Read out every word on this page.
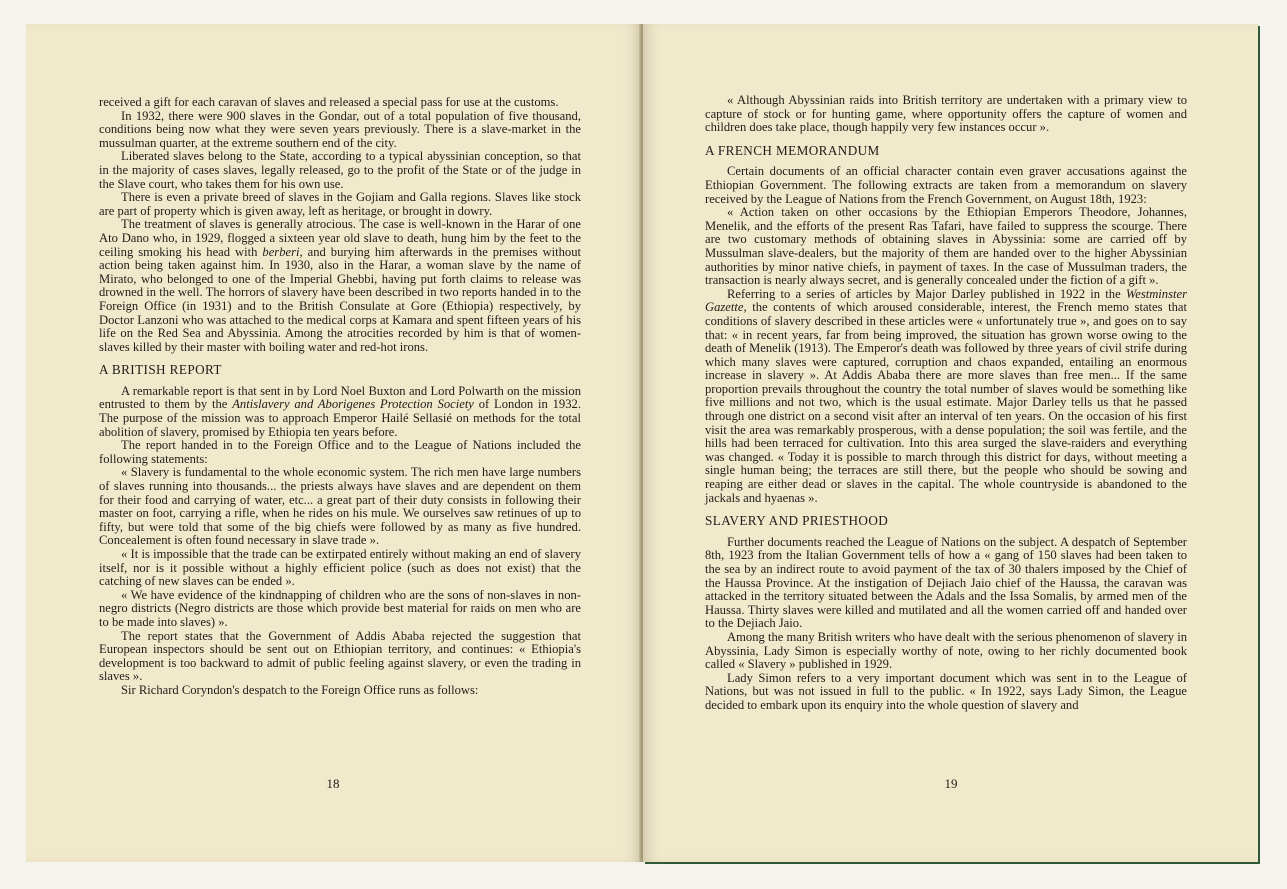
received a gift for each caravan of slaves and released a special pass for use at the customs.

In 1932, there were 900 slaves in the Gondar, out of a total population of five thousand, conditions being now what they were seven years previously. There is a slave-market in the mussulman quarter, at the extreme southern end of the city.

Liberated slaves belong to the State, according to a typical abyssinian conception, so that in the majority of cases slaves, legally released, go to the profit of the State or of the judge in the Slave court, who takes them for his own use.

There is even a private breed of slaves in the Gojiam and Galla regions. Slaves like stock are part of property which is given away, left as heritage, or brought in dowry.

The treatment of slaves is generally atrocious. The case is well-known in the Harar of one Ato Dano who, in 1929, flogged a sixteen year old slave to death, hung him by the feet to the ceiling smoking his head with berberi, and burying him afterwards in the premises without action being taken against him. In 1930, also in the Harar, a woman slave by the name of Mirato, who belonged to one of the Imperial Ghebbi, having put forth claims to release was drowned in the well. The horrors of slavery have been described in two reports handed in to the Foreign Office (in 1931) and to the British Consulate at Gore (Ethiopia) respectively, by Doctor Lanzoni who was attached to the medical corps at Kamara and spent fifteen years of his life on the Red Sea and Abyssinia. Among the atrocities recorded by him is that of women-slaves killed by their master with boiling water and red-hot irons.

A BRITISH REPORT

A remarkable report is that sent in by Lord Noel Buxton and Lord Polwarth on the mission entrusted to them by the Antislavery and Aborigenes Protection Society of London in 1932. The purpose of the mission was to approach Emperor Hailé Sellasié on methods for the total abolition of slavery, promised by Ethiopia ten years before.

The report handed in to the Foreign Office and to the League of Nations included the following statements:

« Slavery is fundamental to the whole economic system. The rich men have large numbers of slaves running into thousands... the priests always have slaves and are dependent on them for their food and carrying of water, etc... a great part of their duty consists in following their master on foot, carrying a rifle, when he rides on his mule. We ourselves saw retinues of up to fifty, but were told that some of the big chiefs were followed by as many as five hundred. Concealement is often found necessary in slave trade ».

« It is impossible that the trade can be extirpated entirely without making an end of slavery itself, nor is it possible without a highly efficient police (such as does not exist) that the catching of new slaves can be ended ».

« We have evidence of the kindnapping of children who are the sons of non-slaves in non-negro districts (Negro districts are those which provide best material for raids on men who are to be made into slaves) ».

The report states that the Government of Addis Ababa rejected the suggestion that European inspectors should be sent out on Ethiopian territory, and continues: « Ethiopia's development is too backward to admit of public feeling against slavery, or even the trading in slaves ».

Sir Richard Coryndon's despatch to the Foreign Office runs as follows:

18

« Although Abyssinian raids into British territory are undertaken with a primary view to capture of stock or for hunting game, where opportunity offers the capture of women and children does take place, though happily very few instances occur ».

A FRENCH MEMORANDUM

Certain documents of an official character contain even graver accusations against the Ethiopian Government. The following extracts are taken from a memorandum on slavery received by the League of Nations from the French Government, on August 18th, 1923:

« Action taken on other occasions by the Ethiopian Emperors Theodore, Johannes, Menelik, and the efforts of the present Ras Tafari, have failed to suppress the scourge. There are two customary methods of obtaining slaves in Abyssinia: some are carried off by Mussulman slave-dealers, but the majority of them are handed over to the higher Abyssinian authorities by minor native chiefs, in payment of taxes. In the case of Mussulman traders, the transaction is nearly always secret, and is generally concealed under the fiction of a gift ».

Referring to a series of articles by Major Darley published in 1922 in the Westminster Gazette, the contents of which aroused considerable, interest, the French memo states that conditions of slavery described in these articles were « unfortunately true », and goes on to say that: « in recent years, far from being improved, the situation has grown worse owing to the death of Menelik (1913). The Emperor's death was followed by three years of civil strife during which many slaves were captured, corruption and chaos expanded, entailing an enormous increase in slavery ». At Addis Ababa there are more slaves than free men... If the same proportion prevails throughout the country the total number of slaves would be something like five millions and not two, which is the usual estimate. Major Darley tells us that he passed through one district on a second visit after an interval of ten years. On the occasion of his first visit the area was remarkably prosperous, with a dense population; the soil was fertile, and the hills had been terraced for cultivation. Into this area surged the slave-raiders and everything was changed. « Today it is possible to march through this district for days, without meeting a single human being; the terraces are still there, but the people who should be sowing and reaping are either dead or slaves in the capital. The whole countryside is abandoned to the jackals and hyaenas ».

SLAVERY AND PRIESTHOOD

Further documents reached the League of Nations on the subject. A despatch of September 8th, 1923 from the Italian Government tells of how a « gang of 150 slaves had been taken to the sea by an indirect route to avoid payment of the tax of 30 thalers imposed by the Chief of the Haussa Province. At the instigation of Dejiach Jaio chief of the Haussa, the caravan was attacked in the territory situated between the Adals and the Issa Somalis, by armed men of the Haussa. Thirty slaves were killed and mutilated and all the women carried off and handed over to the Dejiach Jaio.

Among the many British writers who have dealt with the serious phenomenon of slavery in Abyssinia, Lady Simon is especially worthy of note, owing to her richly documented book called « Slavery » published in 1929.

Lady Simon refers to a very important document which was sent in to the League of Nations, but was not issued in full to the public. « In 1922, says Lady Simon, the League decided to embark upon its enquiry into the whole question of slavery and

19
